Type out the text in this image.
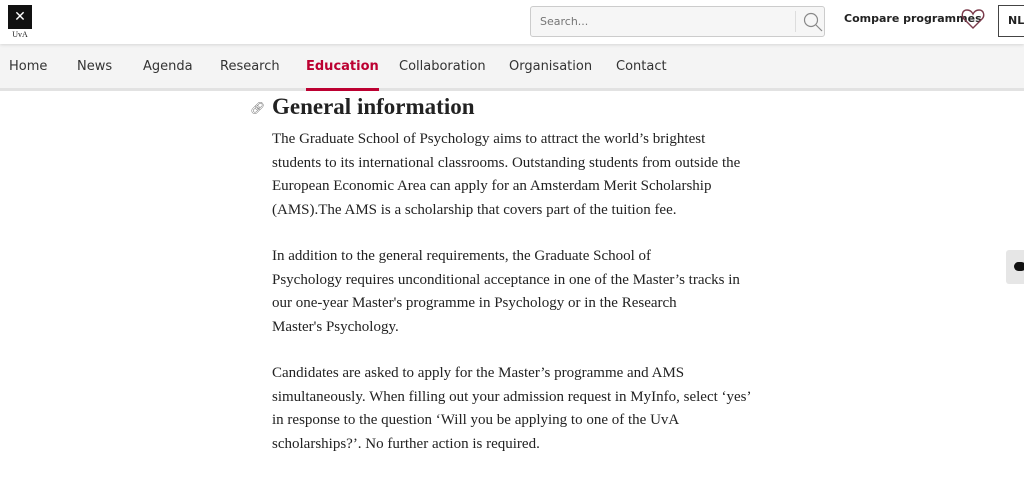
✕
UvA
Search...
Compare programmes	NL
Home News Agenda Research Education Collaboration Organisation Contact
🔗︎ General information

The Graduate School of Psychology aims to attract the world’s brightest
students to its international classrooms. Outstanding students from outside the
European Economic Area can apply for an Amsterdam Merit Scholarship
(AMS).The AMS is a scholarship that covers part of the tuition fee.

In addition to the general requirements, the Graduate School of
Psychology requires unconditional acceptance in one of the Master’s tracks in
our one-year Master's programme in Psychology or in the Research
Master's Psychology.

Candidates are asked to apply for the Master’s programme and AMS
simultaneously. When filling out your admission request in MyInfo, select ‘yes’
in response to the question ‘Will you be applying to one of the UvA
scholarships?’. No further action is required.
